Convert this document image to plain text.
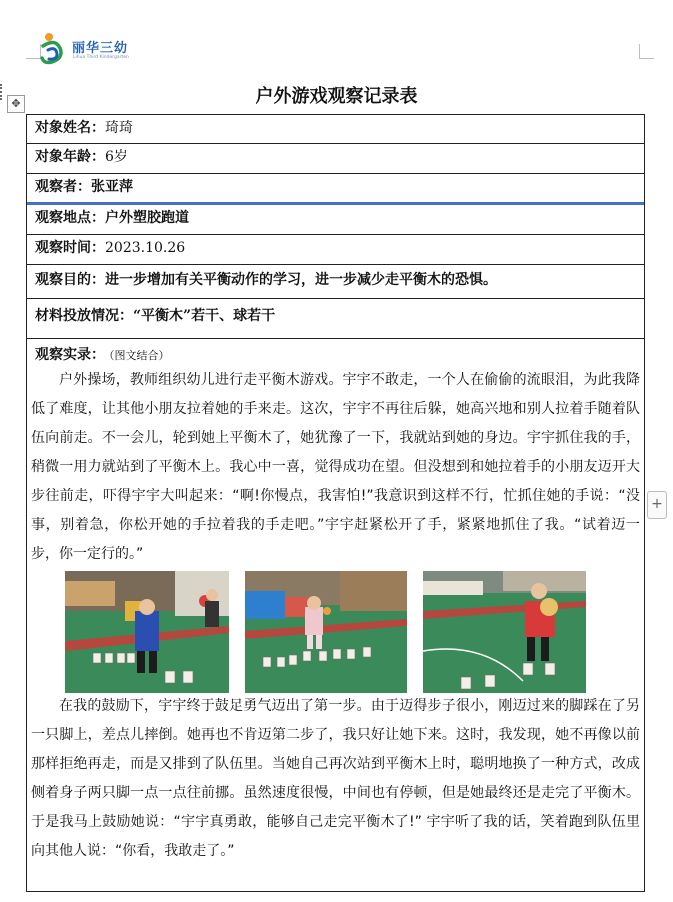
丽华三幼
Lihua Third Kindergarten
✥
+
户外游戏观察记录表
对象姓名：琦琦
对象年龄：6岁
观察者：张亚萍
观察地点：户外塑胶跑道
观察时间：2023.10.26
观察目的：进一步增加有关平衡动作的学习，进一步减少走平衡木的恐惧。
材料投放情况：“平衡木”若干、球若干
观察实录： （图文结合）

户外操场，教师组织幼儿进行走平衡木游戏。宇宇不敢走，一个人在偷偷的流眼泪，为此我降低了难度，让其他小朋友拉着她的手来走。这次，宇宇不再往后躲，她高兴地和别人拉着手随着队伍向前走。不一会儿，轮到她上平衡木了，她犹豫了一下，我就站到她的身边。宇宇抓住我的手，稍微一用力就站到了平衡木上。我心中一喜，觉得成功在望。但没想到和她拉着手的小朋友迈开大步往前走，吓得宇宇大叫起来：“啊!你慢点，我害怕!”我意识到这样不行，忙抓住她的手说：“没事，别着急，你松开她的手拉着我的手走吧。”宇宇赶紧松开了手，紧紧地抓住了我。“试着迈一步，你一定行的。”

在我的鼓励下，宇宇终于鼓足勇气迈出了第一步。由于迈得步子很小，刚迈过来的脚踩在了另一只脚上，差点儿摔倒。她再也不肯迈第二步了，我只好让她下来。这时，我发现，她不再像以前那样拒绝再走，而是又排到了队伍里。当她自己再次站到平衡木上时，聪明地换了一种方式，改成侧着身子两只脚一点一点往前挪。虽然速度很慢，中间也有停顿，但是她最终还是走完了平衡木。于是我马上鼓励她说：“宇宇真勇敢，能够自己走完平衡木了!” 宇宇听了我的话，笑着跑到队伍里向其他人说：“你看，我敢走了。”
